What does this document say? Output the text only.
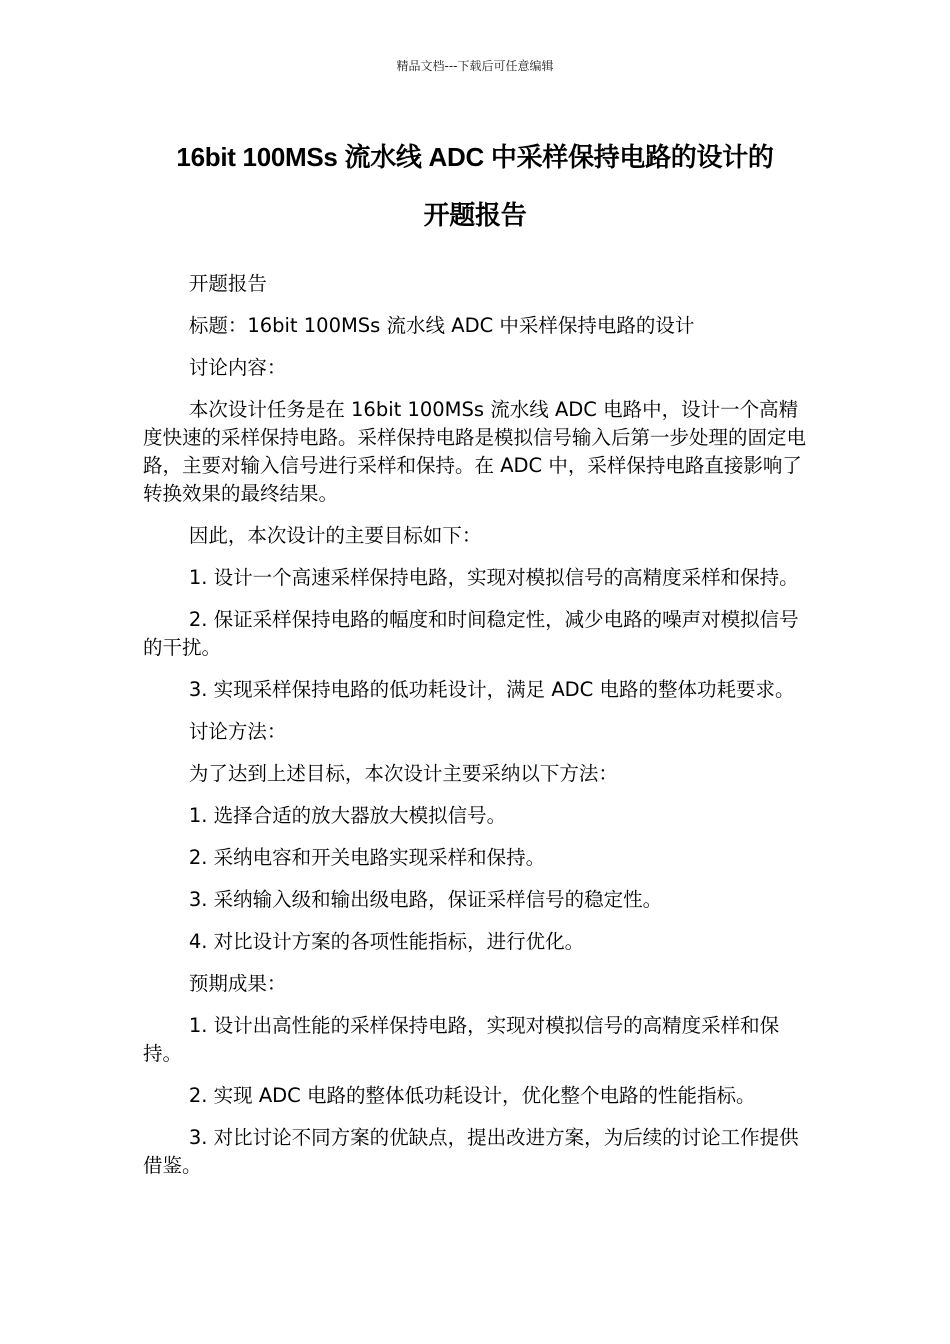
精品文档---下载后可任意编辑
16bit 100MSs 流水线 ADC 中采样保持电路的设计的
开题报告

开题报告

标题：16bit 100MSs 流水线 ADC 中采样保持电路的设计

讨论内容：

本次设计任务是在 16bit 100MSs 流水线 ADC 电路中，设计一个高精度快速的采样保持电路。采样保持电路是模拟信号输入后第一步处理的固定电路，主要对输入信号进行采样和保持。在 ADC 中，采样保持电路直接影响了转换效果的最终结果。

因此，本次设计的主要目标如下：

1. 设计一个高速采样保持电路，实现对模拟信号的高精度采样和保持。

2. 保证采样保持电路的幅度和时间稳定性，减少电路的噪声对模拟信号的干扰。

3. 实现采样保持电路的低功耗设计，满足 ADC 电路的整体功耗要求。

讨论方法：

为了达到上述目标，本次设计主要采纳以下方法：

1. 选择合适的放大器放大模拟信号。

2. 采纳电容和开关电路实现采样和保持。

3. 采纳输入级和输出级电路，保证采样信号的稳定性。

4. 对比设计方案的各项性能指标，进行优化。

预期成果：

1. 设计出高性能的采样保持电路，实现对模拟信号的高精度采样和保持。

2. 实现 ADC 电路的整体低功耗设计，优化整个电路的性能指标。

3. 对比讨论不同方案的优缺点，提出改进方案，为后续的讨论工作提供借鉴。
